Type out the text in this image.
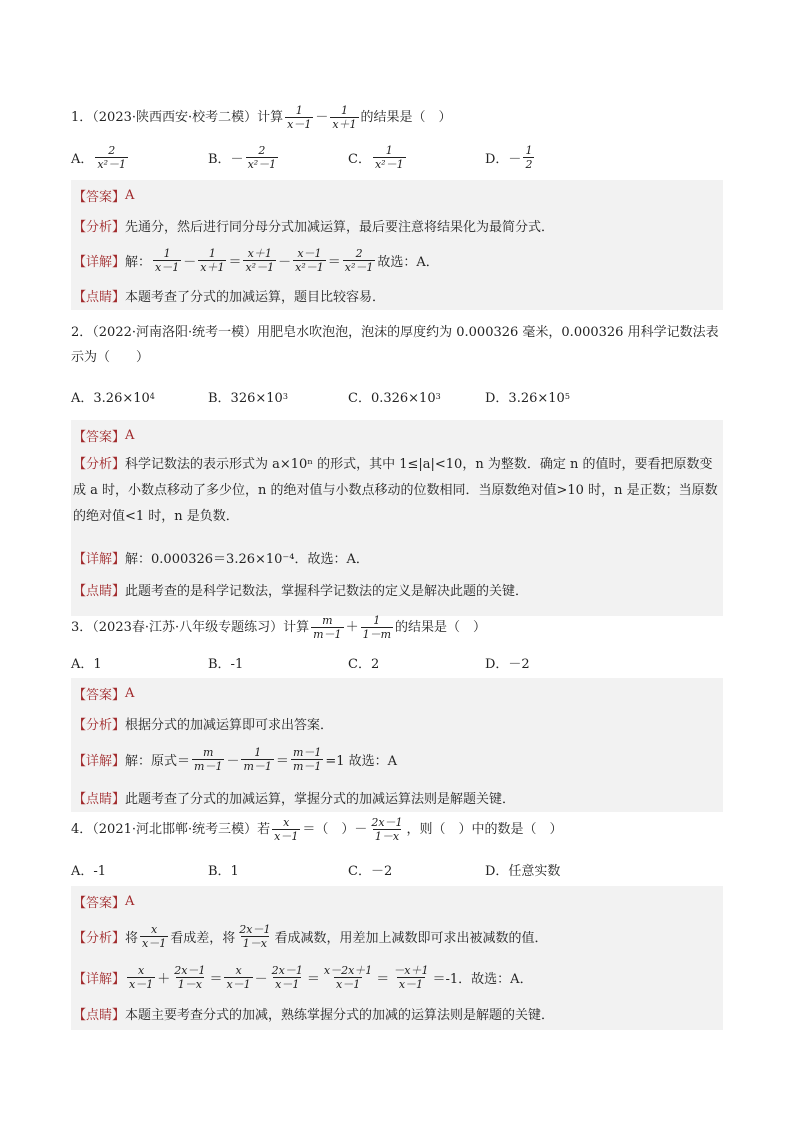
1．（2023·陕西西安·校考二模）计算 $\frac{1}{x-1} - \frac{1}{x+1}$ 的结果是（　）
A． $\frac{2}{\text{x²－1}}$	B．－ $\frac{2}{\text{x²－1}}$	C． $\frac{1}{\text{x²－1}}$	D．－ $\frac{1}{2}$
【答案】 A
【分析】 先通分，然后进行同分母分式加减运算，最后要注意将结果化为最简分式．
【详解】 解： $\frac{1}{x-1} - \frac{1}{x+1} = \frac{x+1}{\text{x²－1}} - \frac{x-1}{\text{x²－1}} = \frac{2}{\text{x²－1}}$ 故选：A．
【点睛】 本题考查了分式的加减运算，题目比较容易．
2．（2022·河南洛阳·统考一模）用肥皂水吹泡泡，泡沫的厚度约为 0.000326 毫米，0.000326 用科学记数法表
示为（　　）
A．3.26×10 4	B．326×10 3	C．0.326×10 3	D．3.26×10 5
【答案】 A
【分析】科学记数法的表示形式为 a×10ⁿ 的形式，其中 1≤|a|<10，n 为整数．确定 n 的值时，要看把原数变成 a 时，小数点移动了多少位，n 的绝对值与小数点移动的位数相同．当原数绝对值>10 时，n 是正数；当原数的绝对值<1 时，n 是负数．
【详解】 解：0.000326＝3.26×10⁻⁴．故选：A．
【点睛】 此题考查的是科学记数法，掌握科学记数法的定义是解决此题的关键．
3．（2023春·江苏·八年级专题练习）计算 $\frac{m}{m-1} + \frac{1}{1-m}$ 的结果是（　）
A．1	B．-1	C．2	D．－2
【答案】 A
【分析】 根据分式的加减运算即可求出答案．
【详解】 解：原式＝ $\frac{m}{m-1} - \frac{1}{m-1} = \frac{m-1}{m-1} =1$ 故选：A
【点睛】 此题考查了分式的加减运算，掌握分式的加减运算法则是解题关键．
4．（2021·河北邯郸·统考三模）若 $\frac{x}{x-1}$ ＝（　）－ $\frac{2x-1}{1-x}$ ，则（　）中的数是（　）
A．-1	B．1	C．－2	D．任意实数
【答案】 A
【分析】 将 $\frac{x}{x-1}$ 看成差，将 $\frac{2x-1}{1-x}$ 看成减数，用差加上减数即可求出被减数的值．
【详解】 $\frac{x}{x-1} + \frac{2x-1}{1-x} = \frac{x}{x-1} - \frac{2x-1}{x-1} = \frac{x-2x+1}{x-1} = \frac{-x+1}{x-1} =-1$．故选：A．
【点睛】 本题主要考查分式的加减，熟练掌握分式的加减的运算法则是解题的关键．
